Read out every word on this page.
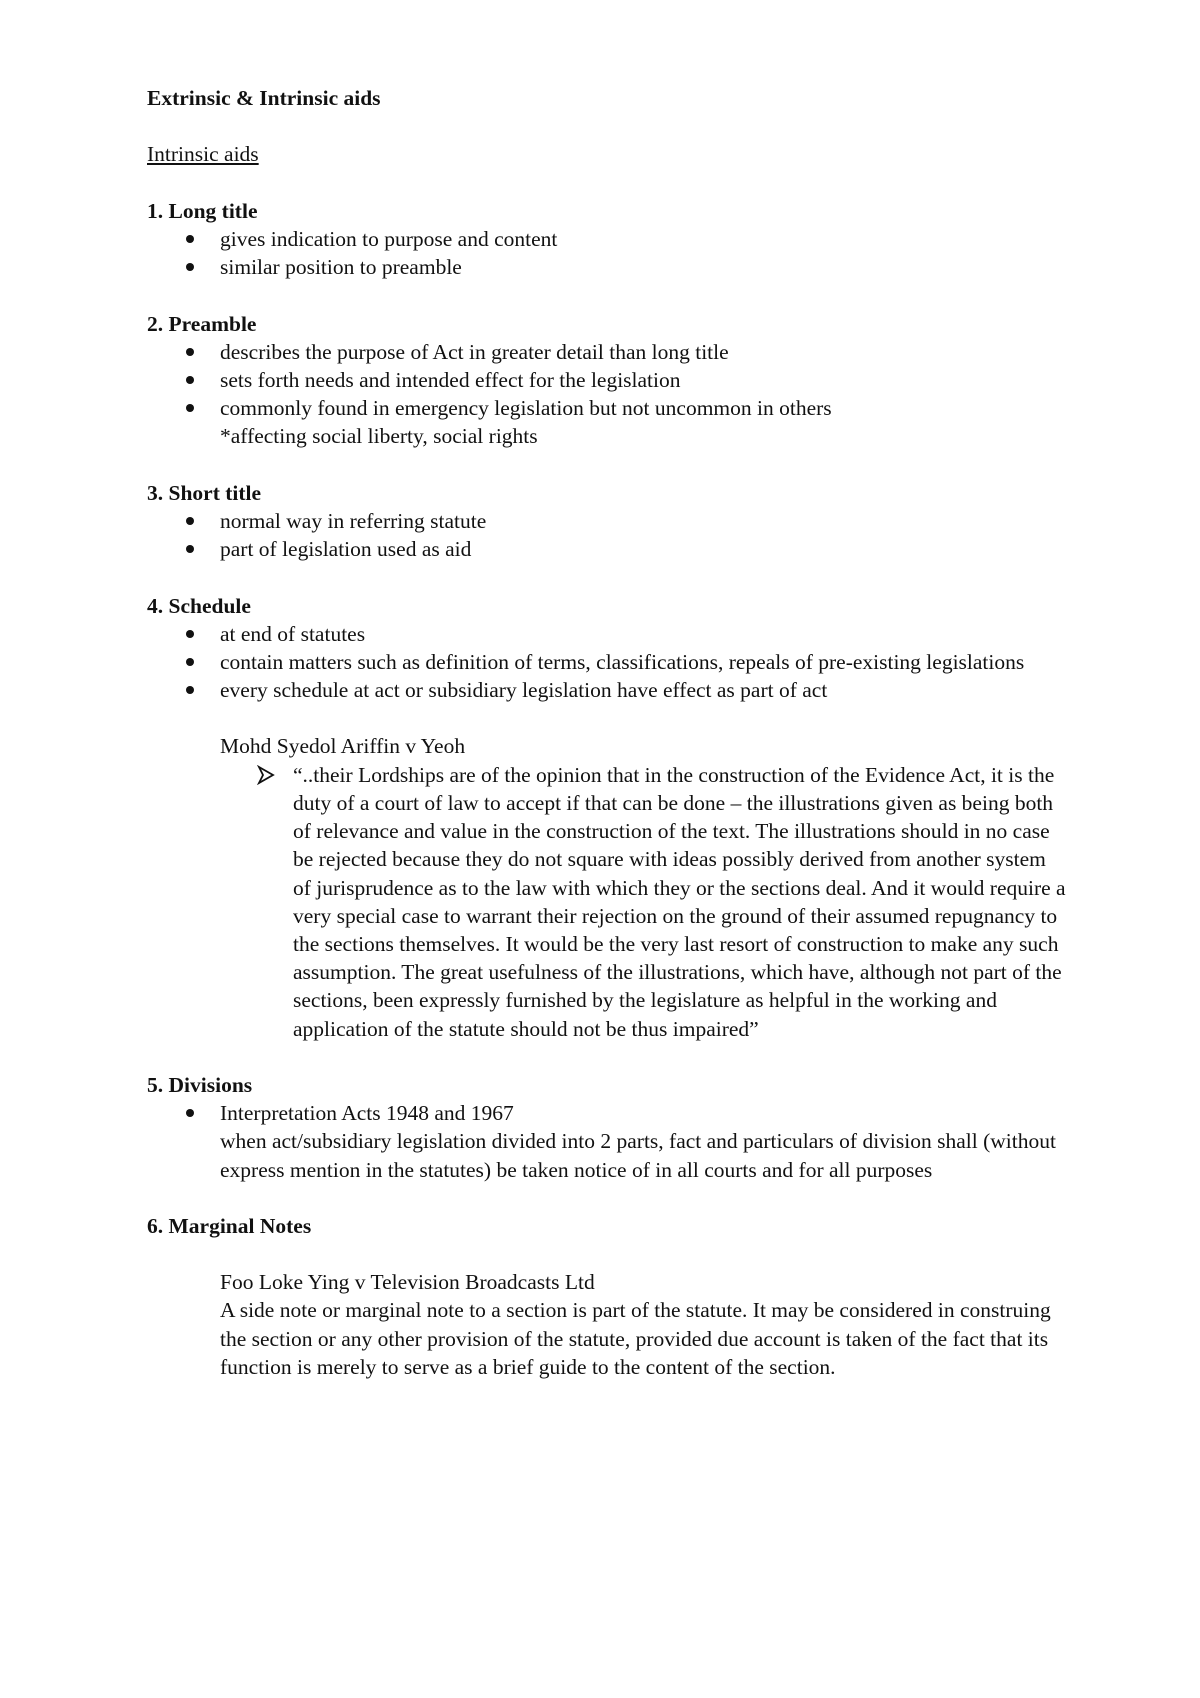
Extrinsic & Intrinsic aids
Intrinsic aids
1. Long title
gives indication to purpose and content
similar position to preamble
2. Preamble
describes the purpose of Act in greater detail than long title
sets forth needs and intended effect for the legislation
commonly found in emergency legislation but not uncommon in others
*affecting social liberty, social rights
3. Short title
normal way in referring statute
part of legislation used as aid
4. Schedule
at end of statutes
contain matters such as definition of terms, classifications, repeals of pre-existing legislations
every schedule at act or subsidiary legislation have effect as part of act
Mohd Syedol Ariffin v Yeoh
“..their Lordships are of the opinion that in the construction of the Evidence Act, it is the duty of a court of law to accept if that can be done – the illustrations given as being both of relevance and value in the construction of the text. The illustrations should in no case be rejected because they do not square with ideas possibly derived from another system of jurisprudence as to the law with which they or the sections deal. And it would require a very special case to warrant their rejection on the ground of their assumed repugnancy to the sections themselves. It would be the very last resort of construction to make any such assumption. The great usefulness of the illustrations, which have, although not part of the sections, been expressly furnished by the legislature as helpful in the working and application of the statute should not be thus impaired”
5. Divisions
Interpretation Acts 1948 and 1967
when act/subsidiary legislation divided into 2 parts, fact and particulars of division shall (without express mention in the statutes) be taken notice of in all courts and for all purposes
6. Marginal Notes
Foo Loke Ying v Television Broadcasts Ltd
A side note or marginal note to a section is part of the statute. It may be considered in construing the section or any other provision of the statute, provided due account is taken of the fact that its function is merely to serve as a brief guide to the content of the section.
